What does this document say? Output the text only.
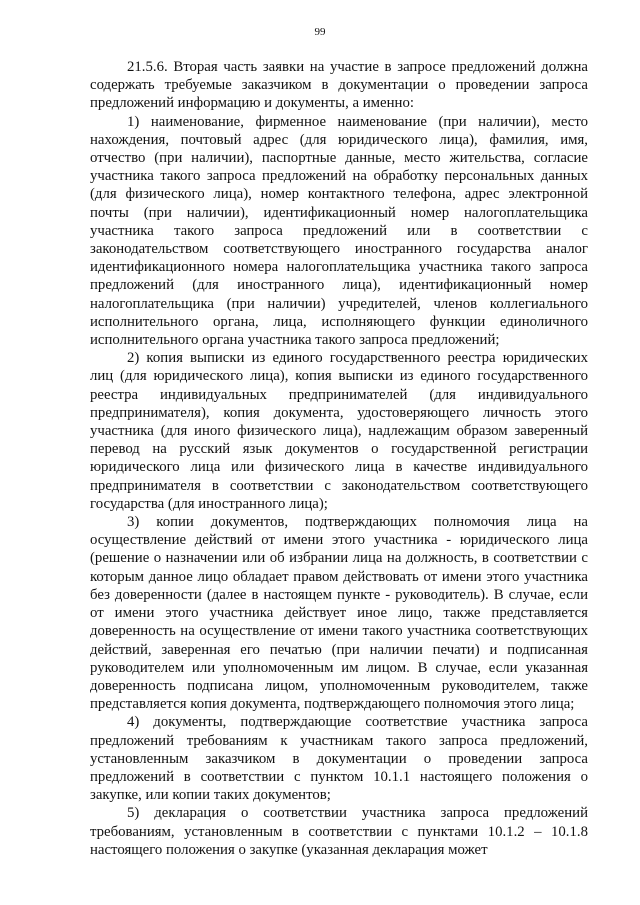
99

21.5.6. Вторая часть заявки на участие в запросе предложений должна содержать требуемые заказчиком в документации о проведении запроса предложений информацию и документы, а именно:

1) наименование, фирменное наименование (при наличии), место нахождения, почтовый адрес (для юридического лица), фамилия, имя, отчество (при наличии), паспортные данные, место жительства, согласие участника такого запроса предложений на обработку персональных данных (для физического лица), номер контактного телефона, адрес электронной почты (при наличии), идентификационный номер налогоплательщика участника такого запроса предложений или в соответствии с законодательством соответствующего иностранного государства аналог идентификационного номера налогоплательщика участника такого запроса предложений (для иностранного лица), идентификационный номер налогоплательщика (при наличии) учредителей, членов коллегиального исполнительного органа, лица, исполняющего функции единоличного исполнительного органа участника такого запроса предложений;

2) копия выписки из единого государственного реестра юридических лиц (для юридического лица), копия выписки из единого государственного реестра индивидуальных предпринимателей (для индивидуального предпринимателя), копия документа, удостоверяющего личность этого участника (для иного физического лица), надлежащим образом заверенный перевод на русский язык документов о государственной регистрации юридического лица или физического лица в качестве индивидуального предпринимателя в соответствии с законодательством соответствующего государства (для иностранного лица);

3) копии документов, подтверждающих полномочия лица на осуществление действий от имени этого участника - юридического лица (решение о назначении или об избрании лица на должность, в соответствии с которым данное лицо обладает правом действовать от имени этого участника без доверенности (далее в настоящем пункте - руководитель). В случае, если от имени этого участника действует иное лицо, также представляется доверенность на осуществление от имени такого участника соответствующих действий, заверенная его печатью (при наличии печати) и подписанная руководителем или уполномоченным им лицом. В случае, если указанная доверенность подписана лицом, уполномоченным руководителем, также представляется копия документа, подтверждающего полномочия этого лица;

4) документы, подтверждающие соответствие участника запроса предложений требованиям к участникам такого запроса предложений, установленным заказчиком в документации о проведении запроса предложений в соответствии с пунктом 10.1.1 настоящего положения о закупке, или копии таких документов;

5) декларация о соответствии участника запроса предложений требованиям, установленным в соответствии с пунктами 10.1.2 – 10.1.8 настоящего положения о закупке (указанная декларация может
